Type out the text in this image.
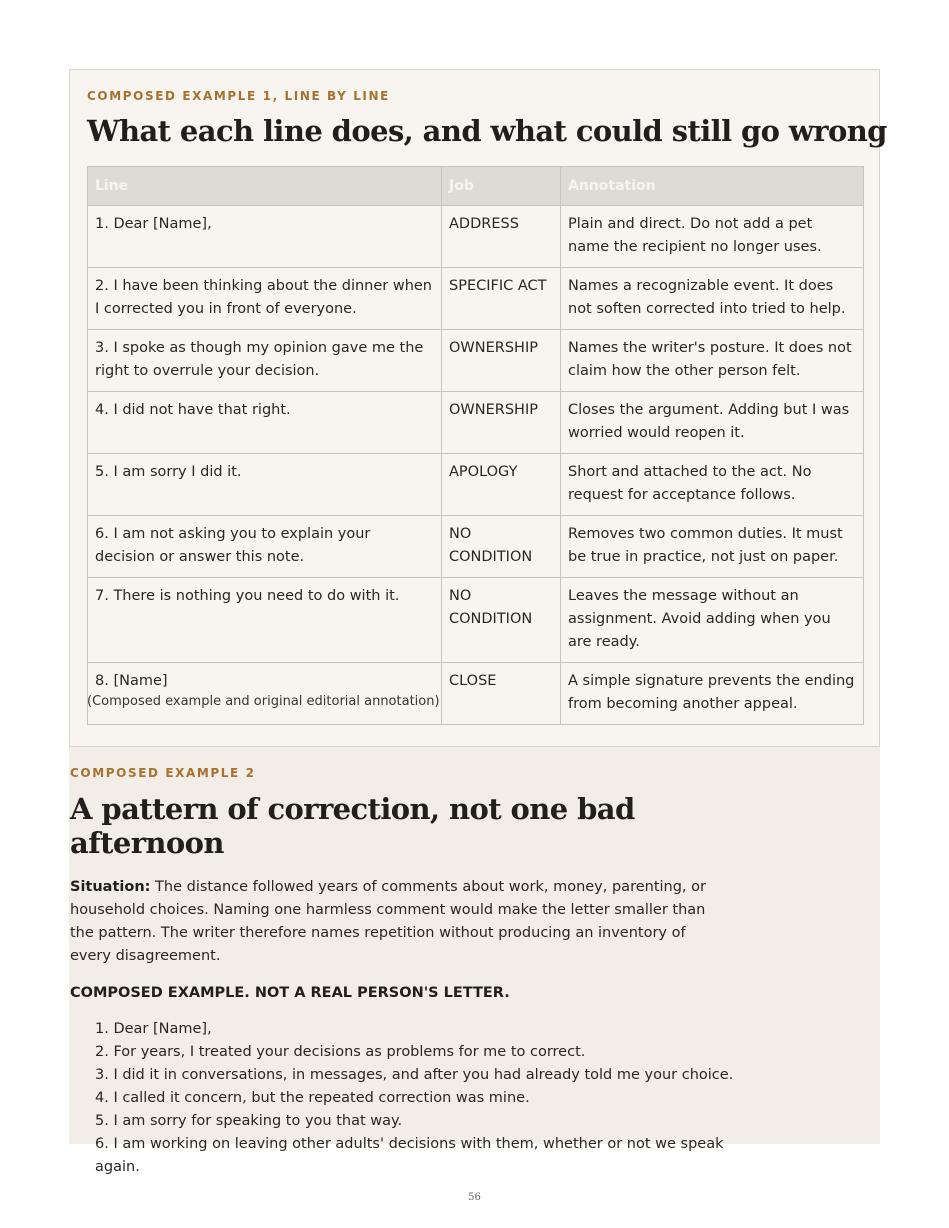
COMPOSED EXAMPLE 1, LINE BY LINE
What each line does, and what could still go wrong
Line	Job	Annotation
1. Dear [Name],	ADDRESS	Plain and direct. Do not add a pet name the recipient no longer uses.
2. I have been thinking about the dinner when I corrected you in front of everyone.	SPECIFIC ACT	Names a recognizable event. It does not soften corrected into tried to help.
3. I spoke as though my opinion gave me the right to overrule your decision.	OWNERSHIP	Names the writer's posture. It does not claim how the other person felt.
4. I did not have that right.	OWNERSHIP	Closes the argument. Adding but I was worried would reopen it.
5. I am sorry I did it.	APOLOGY	Short and attached to the act. No request for acceptance follows.
6. I am not asking you to explain your decision or answer this note.	NO CONDITION	Removes two common duties. It must be true in practice, not just on paper.
7. There is nothing you need to do with it.	NO CONDITION	Leaves the message without an assignment. Avoid adding when you are ready.
8. [Name]	CLOSE	A simple signature prevents the ending from becoming another appeal.
(Composed example and original editorial annotation)
COMPOSED EXAMPLE 2
A pattern of correction, not one bad afternoon

Situation: The distance followed years of comments about work, money, parenting, or household choices. Naming one harmless comment would make the letter smaller than the pattern. The writer therefore names repetition without producing an inventory of every disagreement.

COMPOSED EXAMPLE. NOT A REAL PERSON'S LETTER.

1. Dear [Name],
2. For years, I treated your decisions as problems for me to correct.
3. I did it in conversations, in messages, and after you had already told me your choice.
4. I called it concern, but the repeated correction was mine.
5. I am sorry for speaking to you that way.
6. I am working on leaving other adults' decisions with them, whether or not we speak again.
56
